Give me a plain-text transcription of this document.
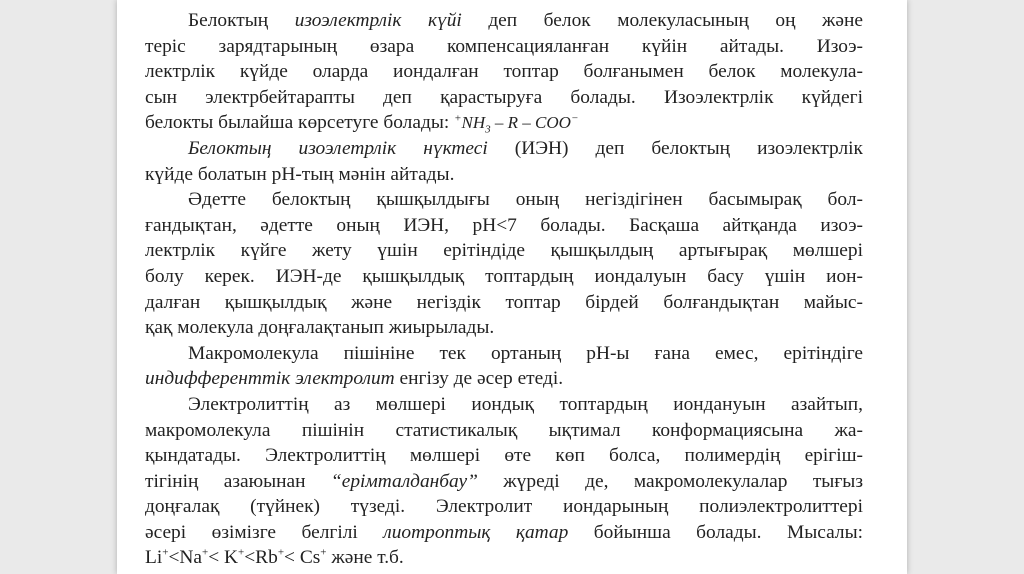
Белоктың изоэлектрлік күйі деп белок молекуласының оң және
теріс зарядтарының өзара компенсацияланған күйін айтады. Изоэ-
лектрлік күйде оларда иондалған топтар болғанымен белок молекула-
сын электрбейтарапты деп қарастыруға болады. Изоэлектрлік күйдегі
белокты былайша көрсетуге болады: $^+NH_3$ – R – COO−

Белоктың изоэлетрлік нүктесі (ИЭН) деп белоктың изоэлектрлік
күйде болатын рН-тың мәнін айтады.

Әдетте белоктың қышқылдығы оның негіздігінен басымырақ бол-
ғандықтан, әдетте оның ИЭН, рН<7 болады. Басқаша айтқанда изоэ-
лектрлік күйге жету үшін ерітіндіде қышқылдың артығырақ мөлшері
болу керек. ИЭН-де қышқылдық топтардың иондалуын басу үшін ион-
далған қышқылдық және негіздік топтар бірдей болғандықтан майыс-
қақ молекула доңғалақтанып жиырылады.

Макромолекула пішініне тек ортаның рН-ы ғана емес, ерітіндіге
индифференттік электролит енгізу де әсер етеді.

Электролиттің аз мөлшері иондық топтардың иондануын азайтып,
макромолекула пішінін статистикалық ықтимал конформациясына жа-
қындатады. Электролиттің мөлшері өте көп болса, полимердің ерігіш-
тігінің азаюынан “ерімталданбау” жүреді де, макромолекулалар тығыз
доңғалақ (түйнек) түзеді. Электролит иондарының полиэлектролиттері
әсері өзімізге белгілі лиотроптық қатар бойынша болады. Мысалы:
Li+<Na+< K+<Rb+< Cs+ және т.б.
